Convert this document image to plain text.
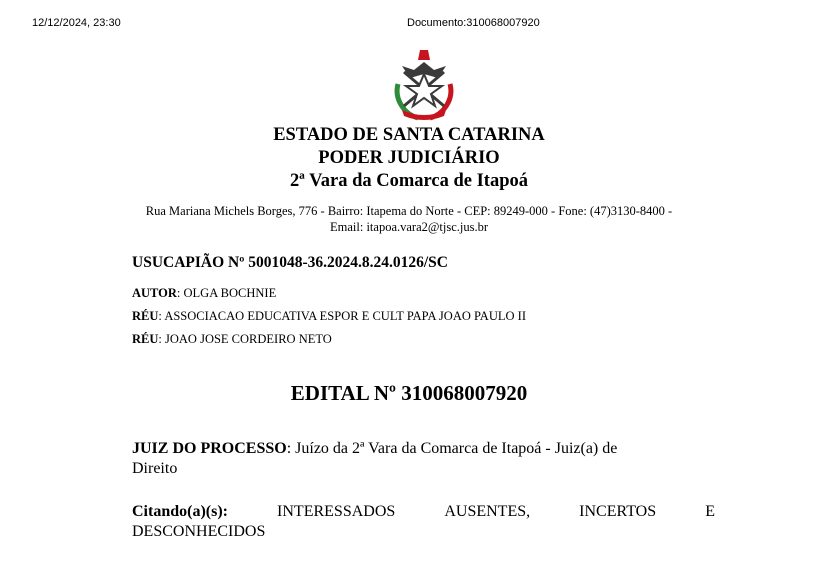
12/12/2024, 23:30	Documento:310068007920

ESTADO DE SANTA CATARINA

PODER JUDICIÁRIO

2ª Vara da Comarca de Itapoá

Rua Mariana Michels Borges, 776 - Bairro: Itapema do Norte - CEP: 89249-000 - Fone: (47)3130-8400 -
Email: itapoa.vara2@tjsc.jus.br
USUCAPIÃO Nº 5001048-36.2024.8.24.0126/SC
AUTOR: OLGA BOCHNIE
RÉU: ASSOCIACAO EDUCATIVA ESPOR E CULT PAPA JOAO PAULO II
RÉU: JOAO JOSE CORDEIRO NETO

EDITAL Nº 310068007920

JUIZ DO PROCESSO: Juízo da 2ª Vara da Comarca de Itapoá - Juiz(a) de
Direito
Citando(a)(s):	INTERESSADOS	AUSENTES,	INCERTOS	E
DESCONHECIDOS
